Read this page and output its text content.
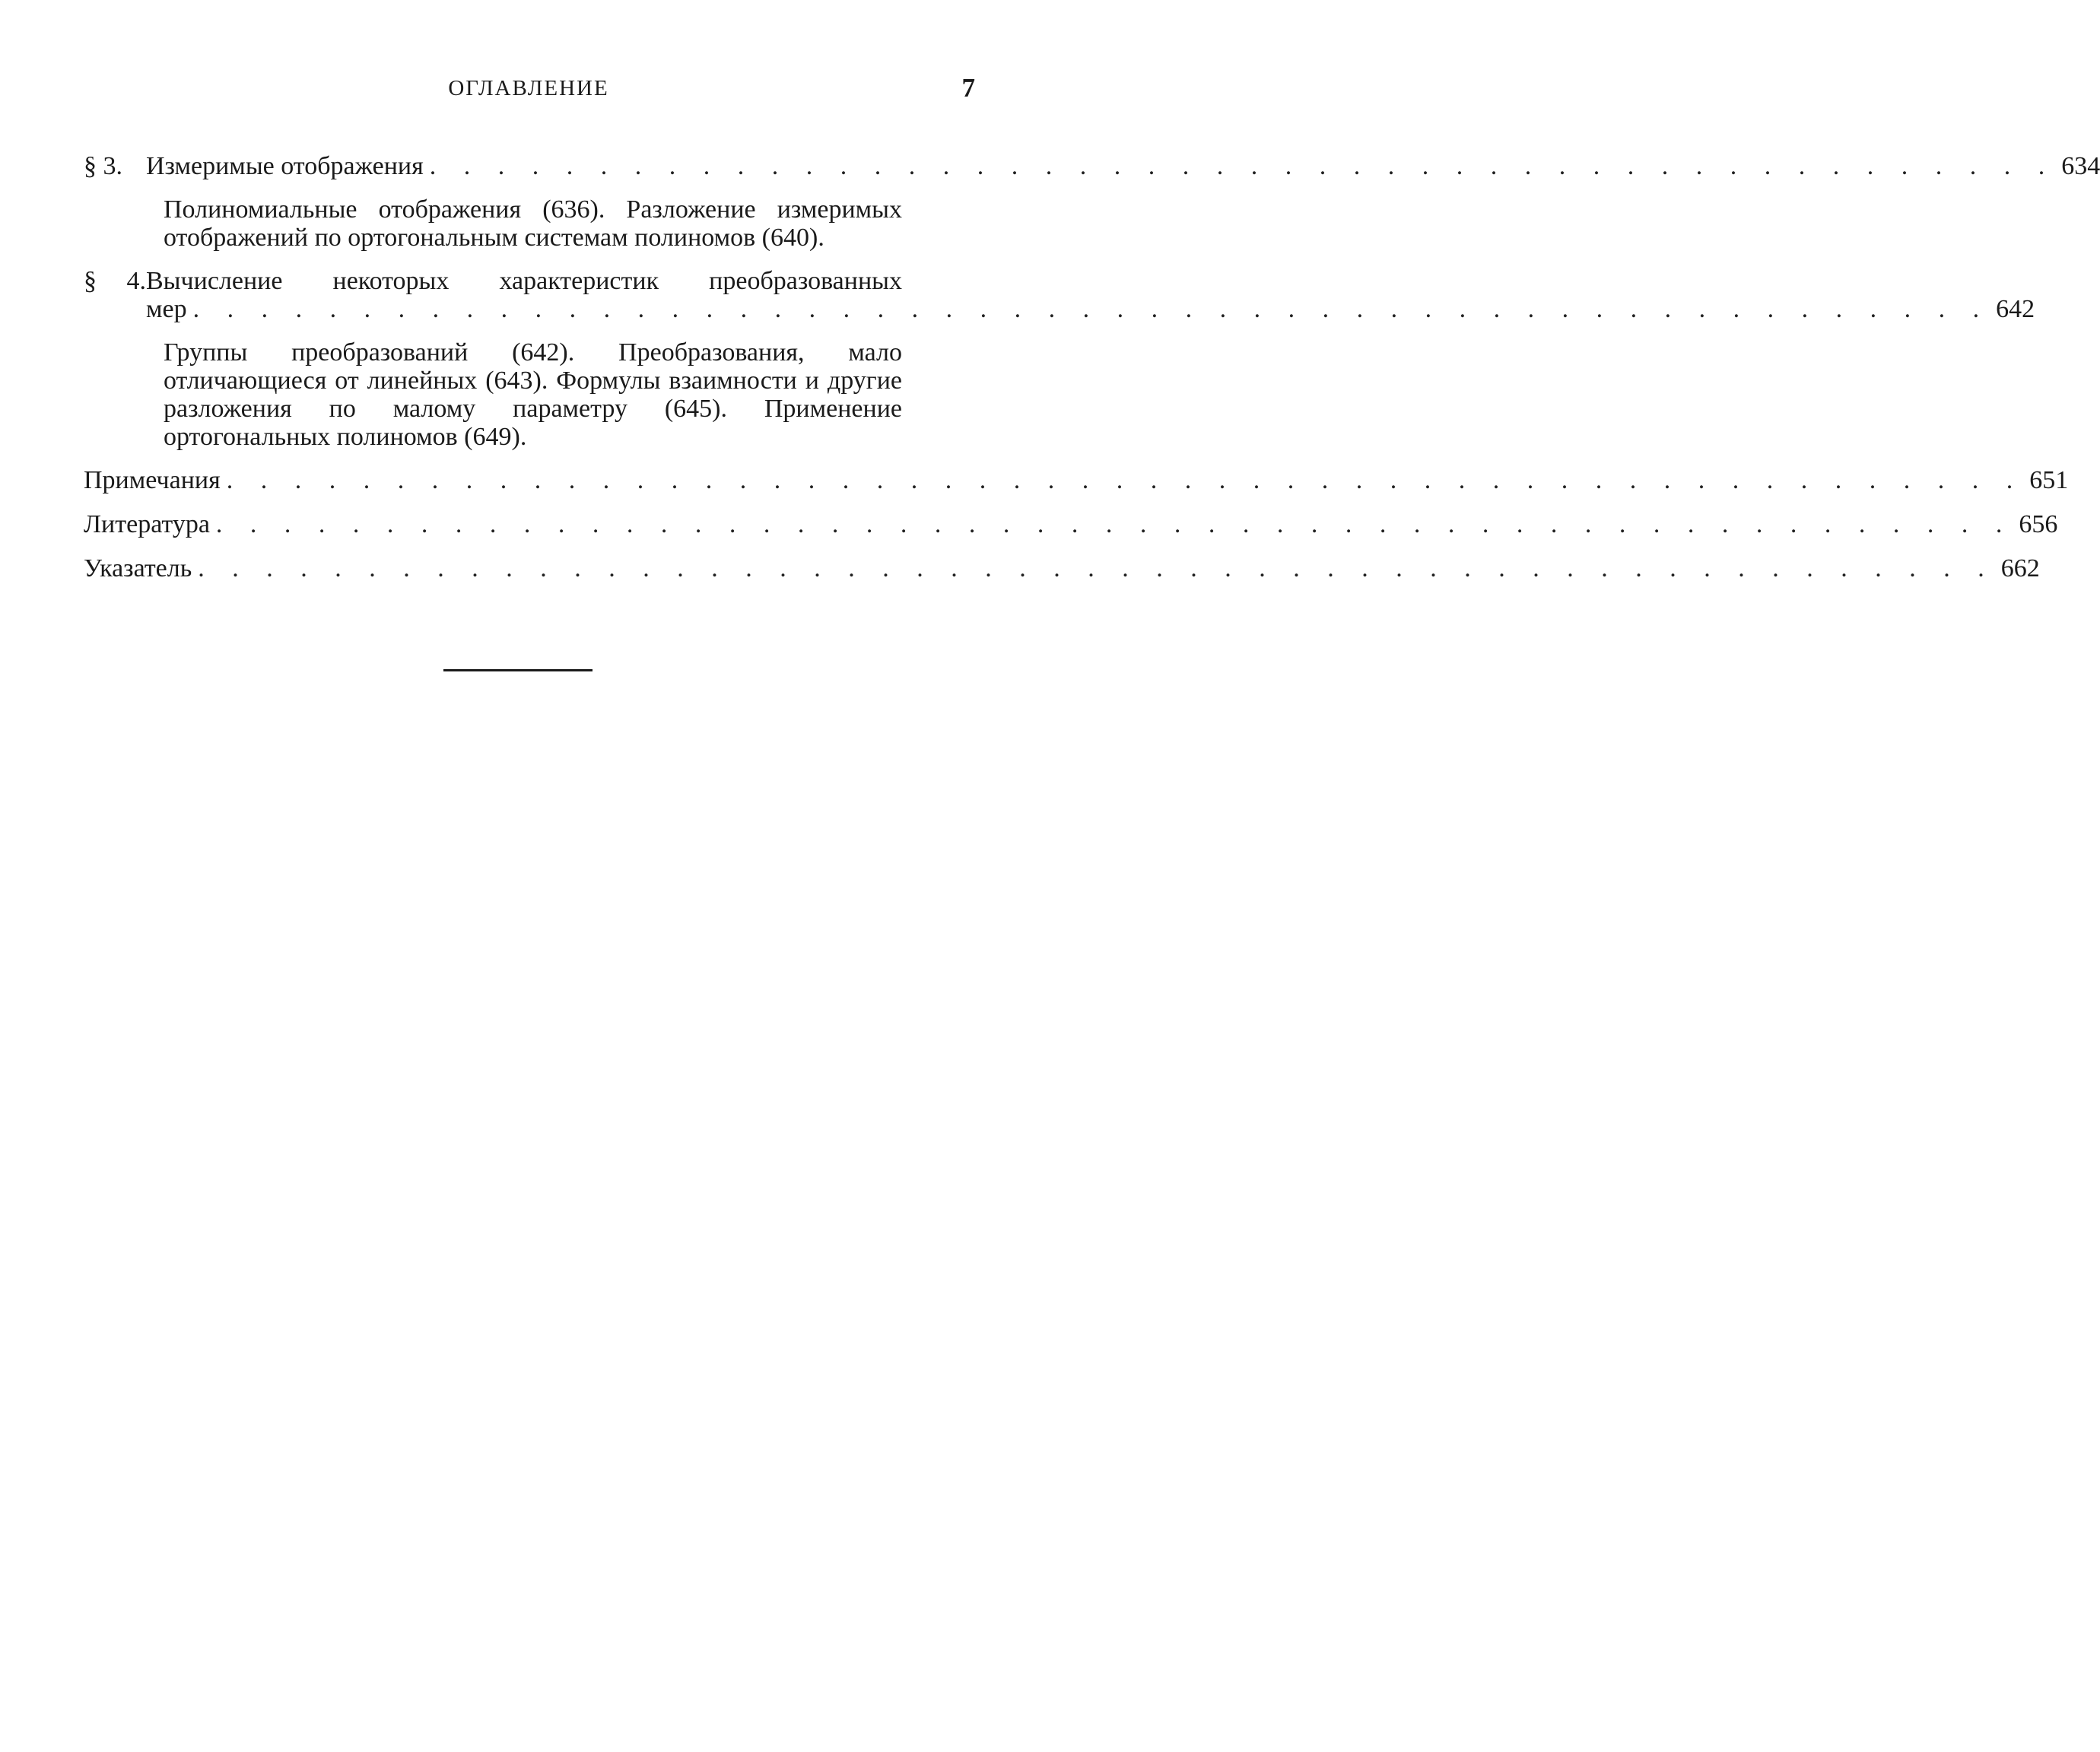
ОГЛАВЛЕНИЕ	7
§ 3. Измеримые отображения . . . . . . . . . . . . . . . . . . . . . . . . . . . . . . . . . . . . . . . . . . . . . . . . 634
Полиномиальные отображения (636). Разложение измеримых отображений по ортогональным системам полиномов (640).
§ 4.Вычисление некоторых характеристик преобразованных
мер . . . . . . . . . . . . . . . . . . . . . . . . . . . . . . . . . . . . . . . . . . . . . . . . . . . . . 642
Группы преобразований (642). Преобразования, мало отличающиеся от линейных (643). Формулы взаимности и другие разложения по малому параметру (645). Применение ортогональных полиномов (649).
Примечания . . . . . . . . . . . . . . . . . . . . . . . . . . . . . . . . . . . . . . . . . . . . . . . . . . . . . 651
Литература . . . . . . . . . . . . . . . . . . . . . . . . . . . . . . . . . . . . . . . . . . . . . . . . . . . . . 656
Указатель . . . . . . . . . . . . . . . . . . . . . . . . . . . . . . . . . . . . . . . . . . . . . . . . . . . . . 662
